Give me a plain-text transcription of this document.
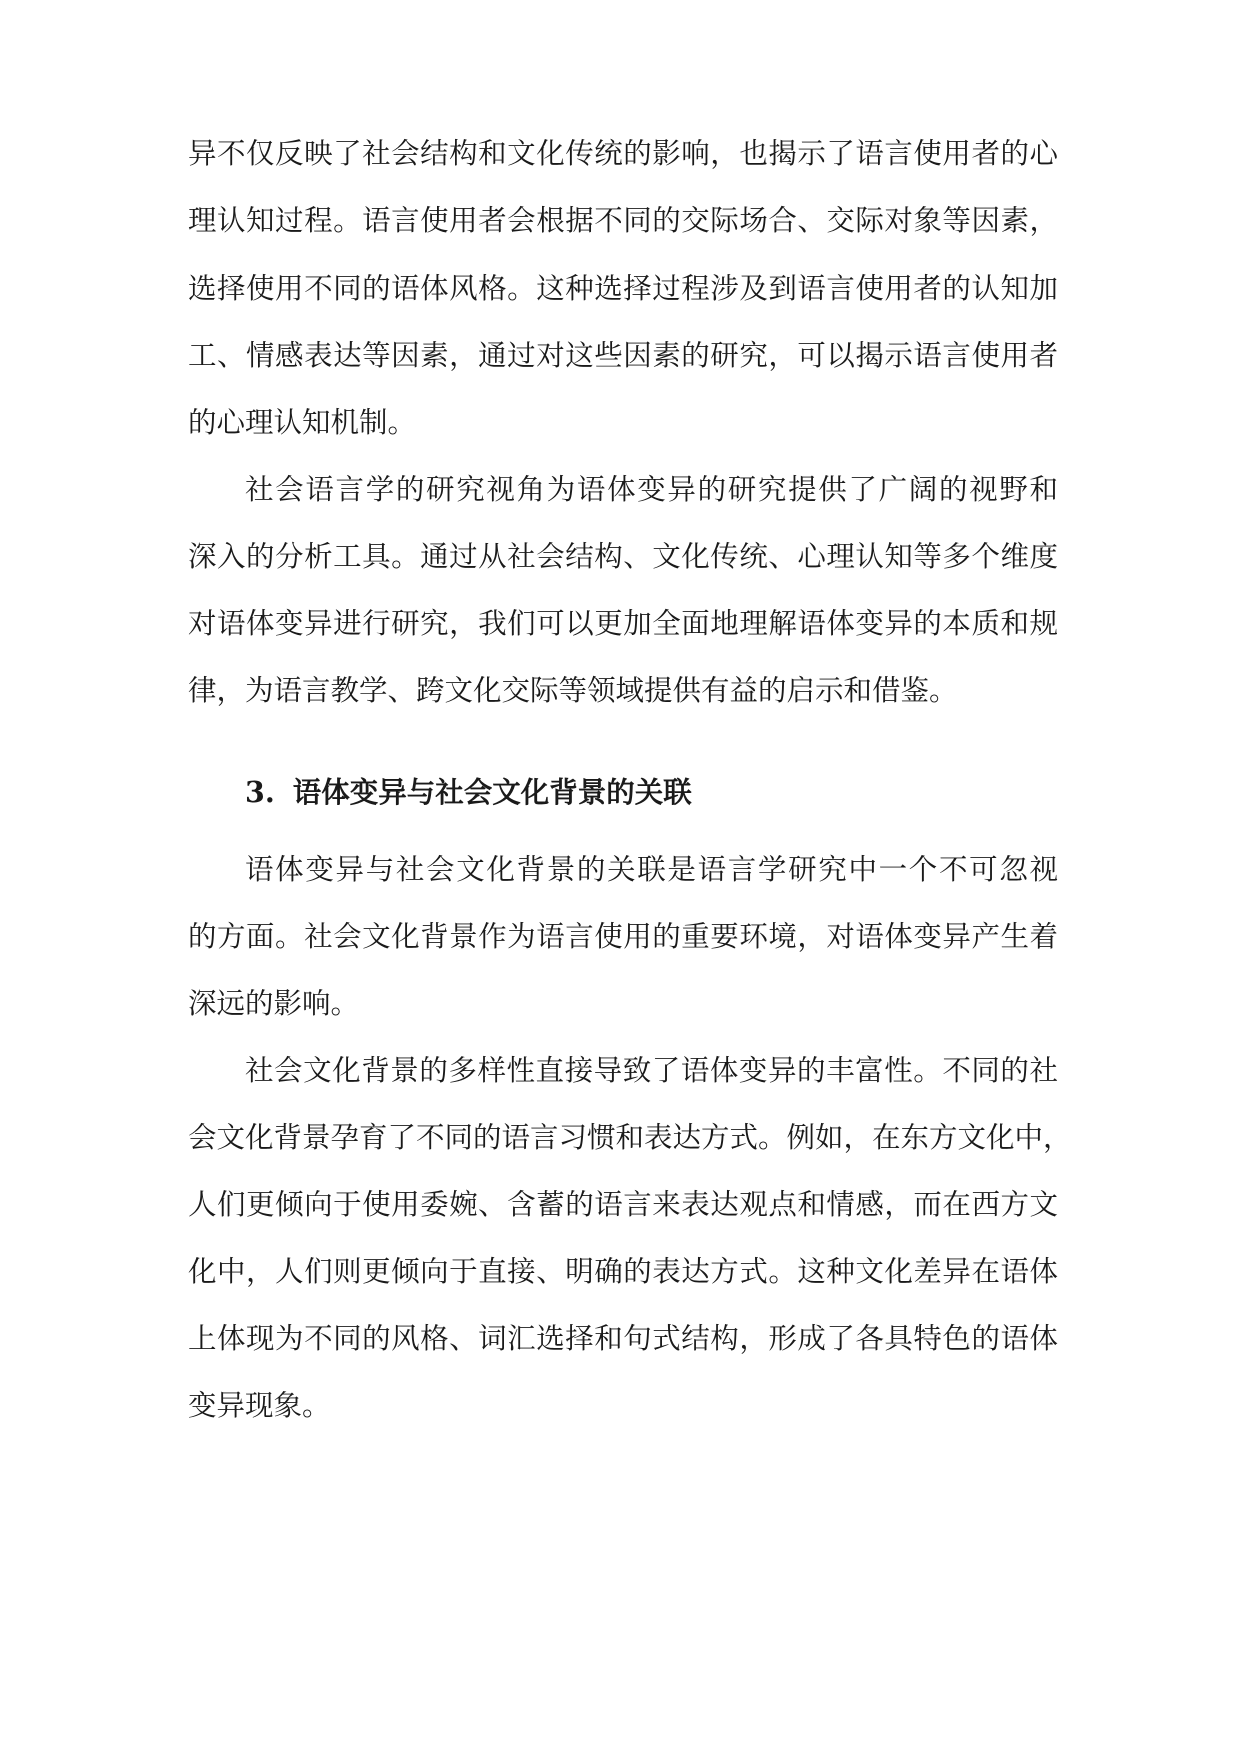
异不仅反映了社会结构和文化传统的影响，也揭示了语言使用者的心
理认知过程。语言使用者会根据不同的交际场合、交际对象等因素，
选择使用不同的语体风格。这种选择过程涉及到语言使用者的认知加
工、情感表达等因素，通过对这些因素的研究，可以揭示语言使用者
的心理认知机制。
社会语言学的研究视角为语体变异的研究提供了广阔的视野和
深入的分析工具。通过从社会结构、文化传统、心理认知等多个维度
对语体变异进行研究，我们可以更加全面地理解语体变异的本质和规
律，为语言教学、跨文化交际等领域提供有益的启示和借鉴。
3. 语体变异与社会文化背景的关联
语体变异与社会文化背景的关联是语言学研究中一个不可忽视
的方面。社会文化背景作为语言使用的重要环境，对语体变异产生着
深远的影响。
社会文化背景的多样性直接导致了语体变异的丰富性。不同的社
会文化背景孕育了不同的语言习惯和表达方式。例如，在东方文化中，
人们更倾向于使用委婉、含蓄的语言来表达观点和情感，而在西方文
化中，人们则更倾向于直接、明确的表达方式。这种文化差异在语体
上体现为不同的风格、词汇选择和句式结构，形成了各具特色的语体
变异现象。
